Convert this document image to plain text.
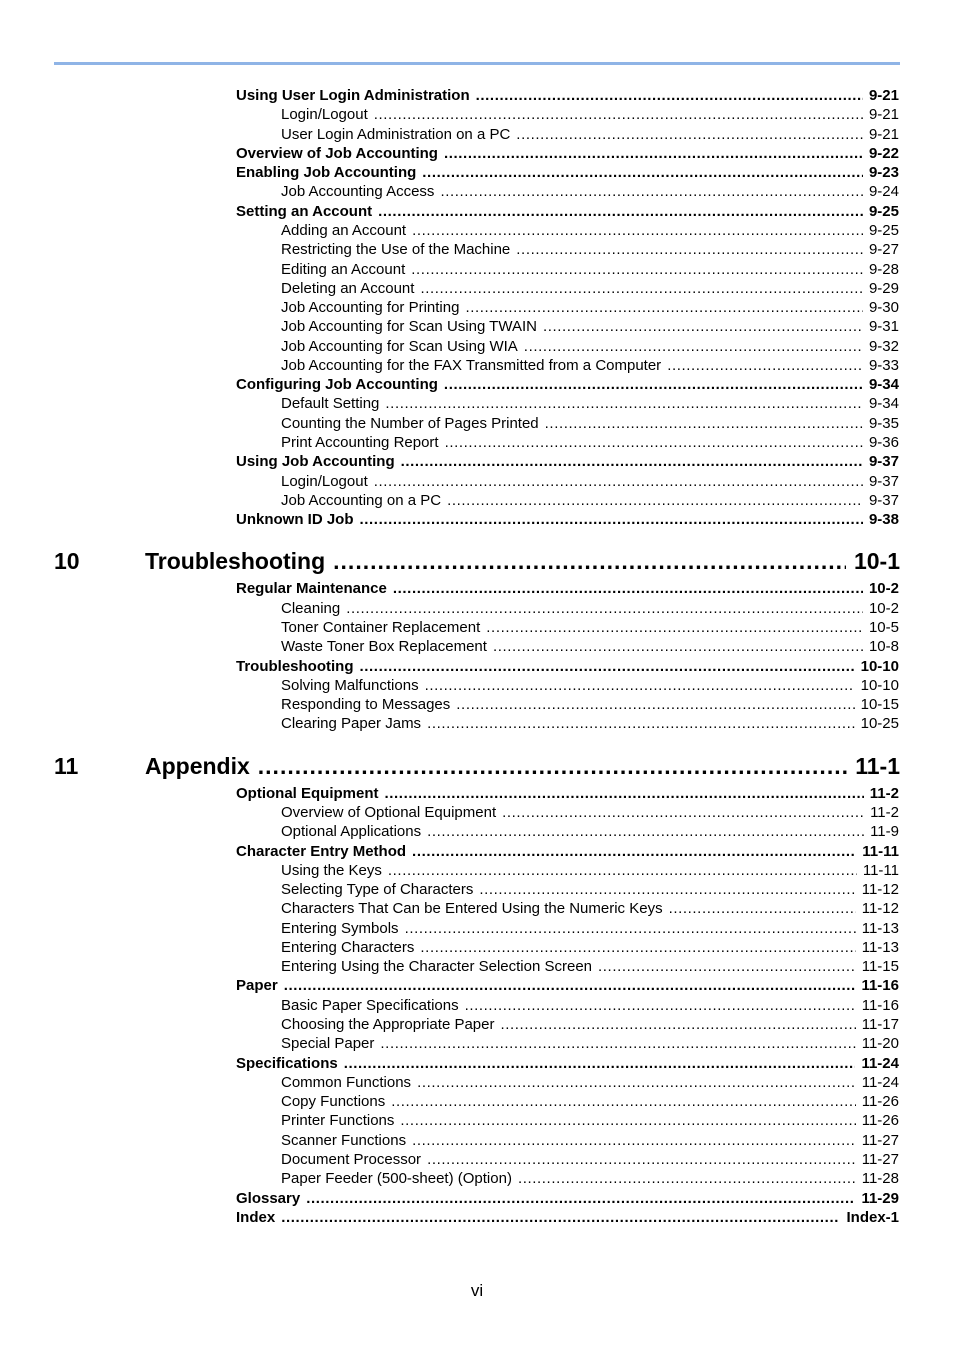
Using User Login Administration .....	9-21
Login/Logout .....	9-21
User Login Administration on a PC .....	9-21
Overview of Job Accounting .....	9-22
Enabling Job Accounting .....	9-23
Job Accounting Access .....	9-24
Setting an Account .....	9-25
Adding an Account .....	9-25
Restricting the Use of the Machine .....	9-27
Editing an Account .....	9-28
Deleting an Account .....	9-29
Job Accounting for Printing .....	9-30
Job Accounting for Scan Using TWAIN .....	9-31
Job Accounting for Scan Using WIA .....	9-32
Job Accounting for the FAX Transmitted from a Computer .....	9-33
Configuring Job Accounting .....	9-34
Default Setting .....	9-34
Counting the Number of Pages Printed .....	9-35
Print Accounting Report .....	9-36
Using Job Accounting .....	9-37
Login/Logout .....	9-37
Job Accounting on a PC .....	9-37
Unknown ID Job .....	9-38
10	Troubleshooting .....	10-1
Regular Maintenance .....	10-2
Cleaning .....	10-2
Toner Container Replacement .....	10-5
Waste Toner Box Replacement .....	10-8
Troubleshooting .....	10-10
Solving Malfunctions .....	10-10
Responding to Messages .....	10-15
Clearing Paper Jams .....	10-25
11	Appendix .....	11-1
Optional Equipment .....	11-2
Overview of Optional Equipment .....	11-2
Optional Applications .....	11-9
Character Entry Method .....	11-11
Using the Keys .....	11-11
Selecting Type of Characters .....	11-12
Characters That Can be Entered Using the Numeric Keys .....	11-12
Entering Symbols .....	11-13
Entering Characters .....	11-13
Entering Using the Character Selection Screen .....	11-15
Paper .....	11-16
Basic Paper Specifications .....	11-16
Choosing the Appropriate Paper .....	11-17
Special Paper .....	11-20
Specifications .....	11-24
Common Functions .....	11-24
Copy Functions .....	11-26
Printer Functions .....	11-26
Scanner Functions .....	11-27
Document Processor .....	11-27
Paper Feeder (500-sheet) (Option) .....	11-28
Glossary .....	11-29
Index .....	Index-1
vi
